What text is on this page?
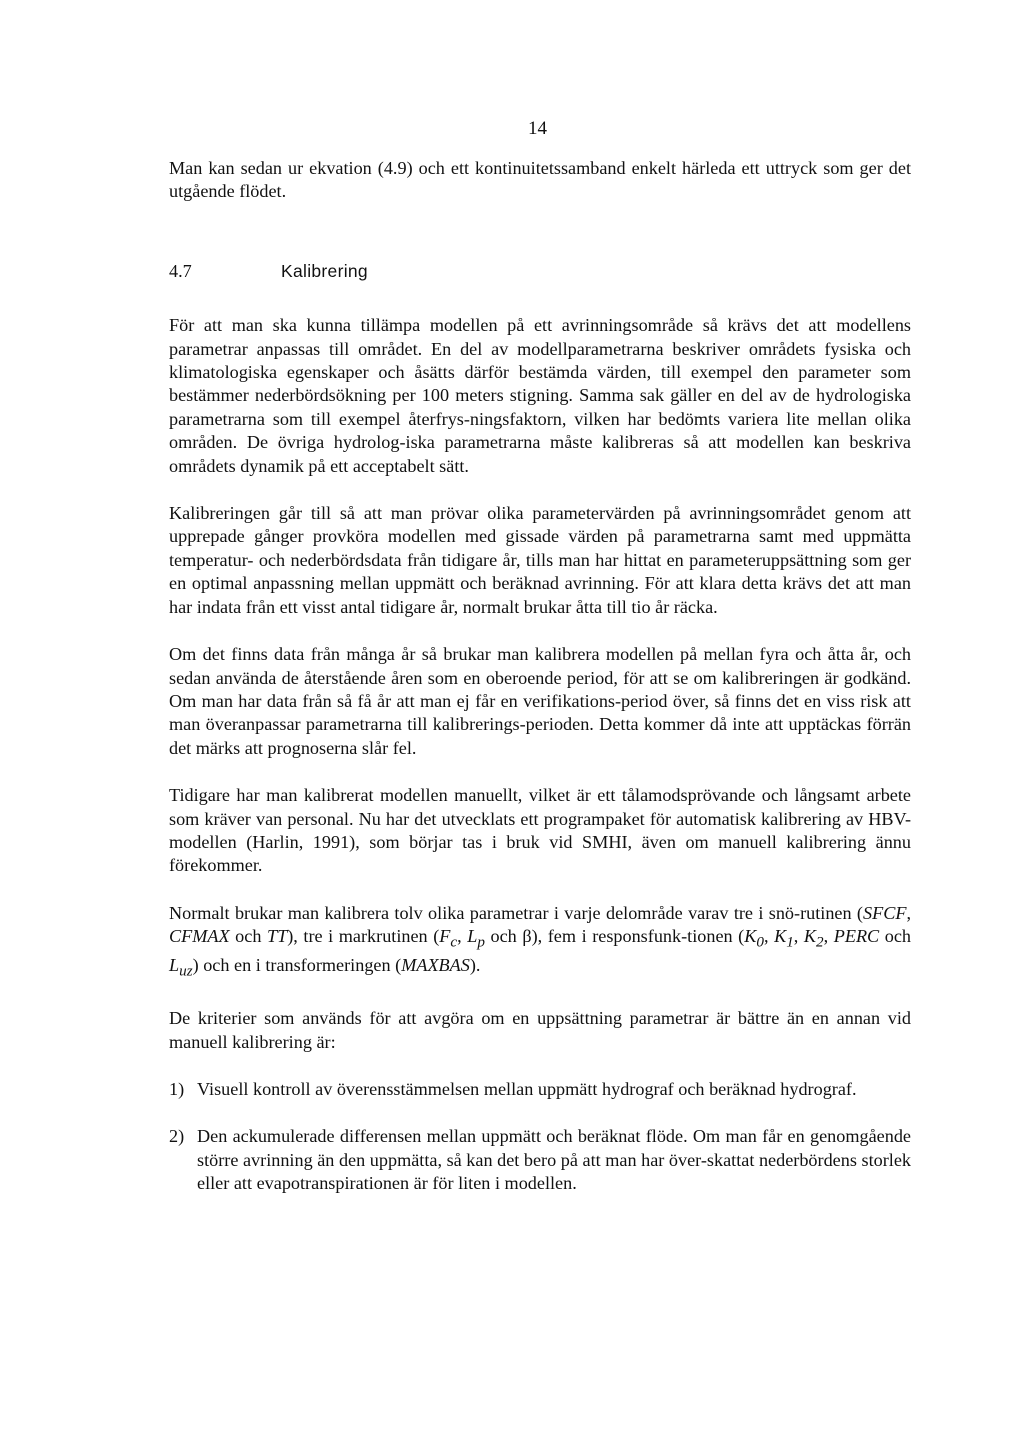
14

Man kan sedan ur ekvation (4.9) och ett kontinuitetssamband enkelt härleda ett uttryck som ger det utgående flödet.

4.7	Kalibrering

För att man ska kunna tillämpa modellen på ett avrinningsområde så krävs det att modellens parametrar anpassas till området. En del av modellparametrarna beskriver områdets fysiska och klimatologiska egenskaper och åsätts därför bestämda värden, till exempel den parameter som bestämmer nederbördsökning per 100 meters stigning. Samma sak gäller en del av de hydrologiska parametrarna som till exempel återfrys-ningsfaktorn, vilken har bedömts variera lite mellan olika områden. De övriga hydrolog-iska parametrarna måste kalibreras så att modellen kan beskriva områdets dynamik på ett acceptabelt sätt.

Kalibreringen går till så att man prövar olika parametervärden på avrinningsområdet genom att upprepade gånger provköra modellen med gissade värden på parametrarna samt med uppmätta temperatur- och nederbördsdata från tidigare år, tills man har hittat en parameteruppsättning som ger en optimal anpassning mellan uppmätt och beräknad avrinning. För att klara detta krävs det att man har indata från ett visst antal tidigare år, normalt brukar åtta till tio år räcka.

Om det finns data från många år så brukar man kalibrera modellen på mellan fyra och åtta år, och sedan använda de återstående åren som en oberoende period, för att se om kalibreringen är godkänd. Om man har data från så få år att man ej får en verifikations-period över, så finns det en viss risk att man överanpassar parametrarna till kalibrerings-perioden. Detta kommer då inte att upptäckas förrän det märks att prognoserna slår fel.

Tidigare har man kalibrerat modellen manuellt, vilket är ett tålamodsprövande och långsamt arbete som kräver van personal. Nu har det utvecklats ett programpaket för automatisk kalibrering av HBV-modellen (Harlin, 1991), som börjar tas i bruk vid SMHI, även om manuell kalibrering ännu förekommer.

Normalt brukar man kalibrera tolv olika parametrar i varje delområde varav tre i snö-rutinen (SFCF, CFMAX och TT), tre i markrutinen ($F_c$, $L_p$ och β), fem i responsfunk-tionen ($K_0$, $K_1$, $K_2$, PERC och $L_{uz}$) och en i transformeringen (MAXBAS).

De kriterier som används för att avgöra om en uppsättning parametrar är bättre än en annan vid manuell kalibrering är:

1) Visuell kontroll av överensstämmelsen mellan uppmätt hydrograf och beräknad hydrograf.
2) Den ackumulerade differensen mellan uppmätt och beräknat flöde. Om man får en genomgående större avrinning än den uppmätta, så kan det bero på att man har över-skattat nederbördens storlek eller att evapotranspirationen är för liten i modellen.
